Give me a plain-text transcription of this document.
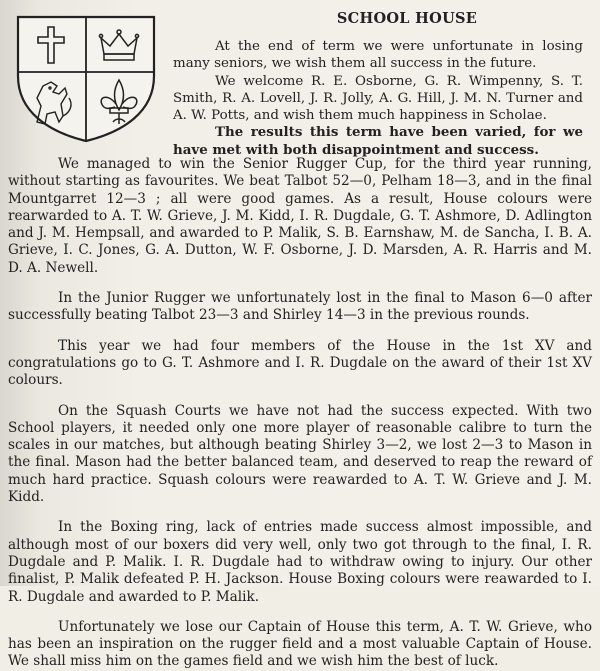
SCHOOL HOUSE

At the end of term we were unfortunate in losing many seniors, we wish them all success in the future.

We welcome R. E. Osborne, G. R. Wimpenny, S. T. Smith, R. A. Lovell, J. R. Jolly, A. G. Hill, J. M. N. Turner and A. W. Potts, and wish them much happiness in Scholae.

The results this term have been varied, for we have met with both disappointment and success.

We managed to win the Senior Rugger Cup, for the third year running, without starting as favourites. We beat Talbot 52—0, Pelham 18—3, and in the final Mountgarret 12—3 ; all were good games. As a result, House colours were rearwarded to A. T. W. Grieve, J. M. Kidd, I. R. Dugdale, G. T. Ashmore, D. Adlington and J. M. Hempsall, and awarded to P. Malik, S. B. Earnshaw, M. de Sancha, I. B. A. Grieve, I. C. Jones, G. A. Dutton, W. F. Osborne, J. D. Marsden, A. R. Harris and M. D. A. Newell.

In the Junior Rugger we unfortunately lost in the final to Mason 6—0 after successfully beating Talbot 23—3 and Shirley 14—3 in the previous rounds.

This year we had four members of the House in the 1st XV and congratulations go to G. T. Ashmore and I. R. Dugdale on the award of their 1st XV colours.

On the Squash Courts we have not had the success expected. With two School players, it needed only one more player of reasonable calibre to turn the scales in our matches, but although beating Shirley 3—2, we lost 2—3 to Mason in the final. Mason had the better balanced team, and deserved to reap the reward of much hard practice. Squash colours were reawarded to A. T. W. Grieve and J. M. Kidd.

In the Boxing ring, lack of entries made success almost impossible, and although most of our boxers did very well, only two got through to the final, I. R. Dugdale and P. Malik. I. R. Dugdale had to withdraw owing to injury. Our other finalist, P. Malik defeated P. H. Jackson. House Boxing colours were reawarded to I. R. Dugdale and awarded to P. Malik.

Unfortunately we lose our Captain of House this term, A. T. W. Grieve, who has been an inspiration on the rugger field and a most valuable Captain of House. We shall miss him on the games field and we wish him the best of luck.
